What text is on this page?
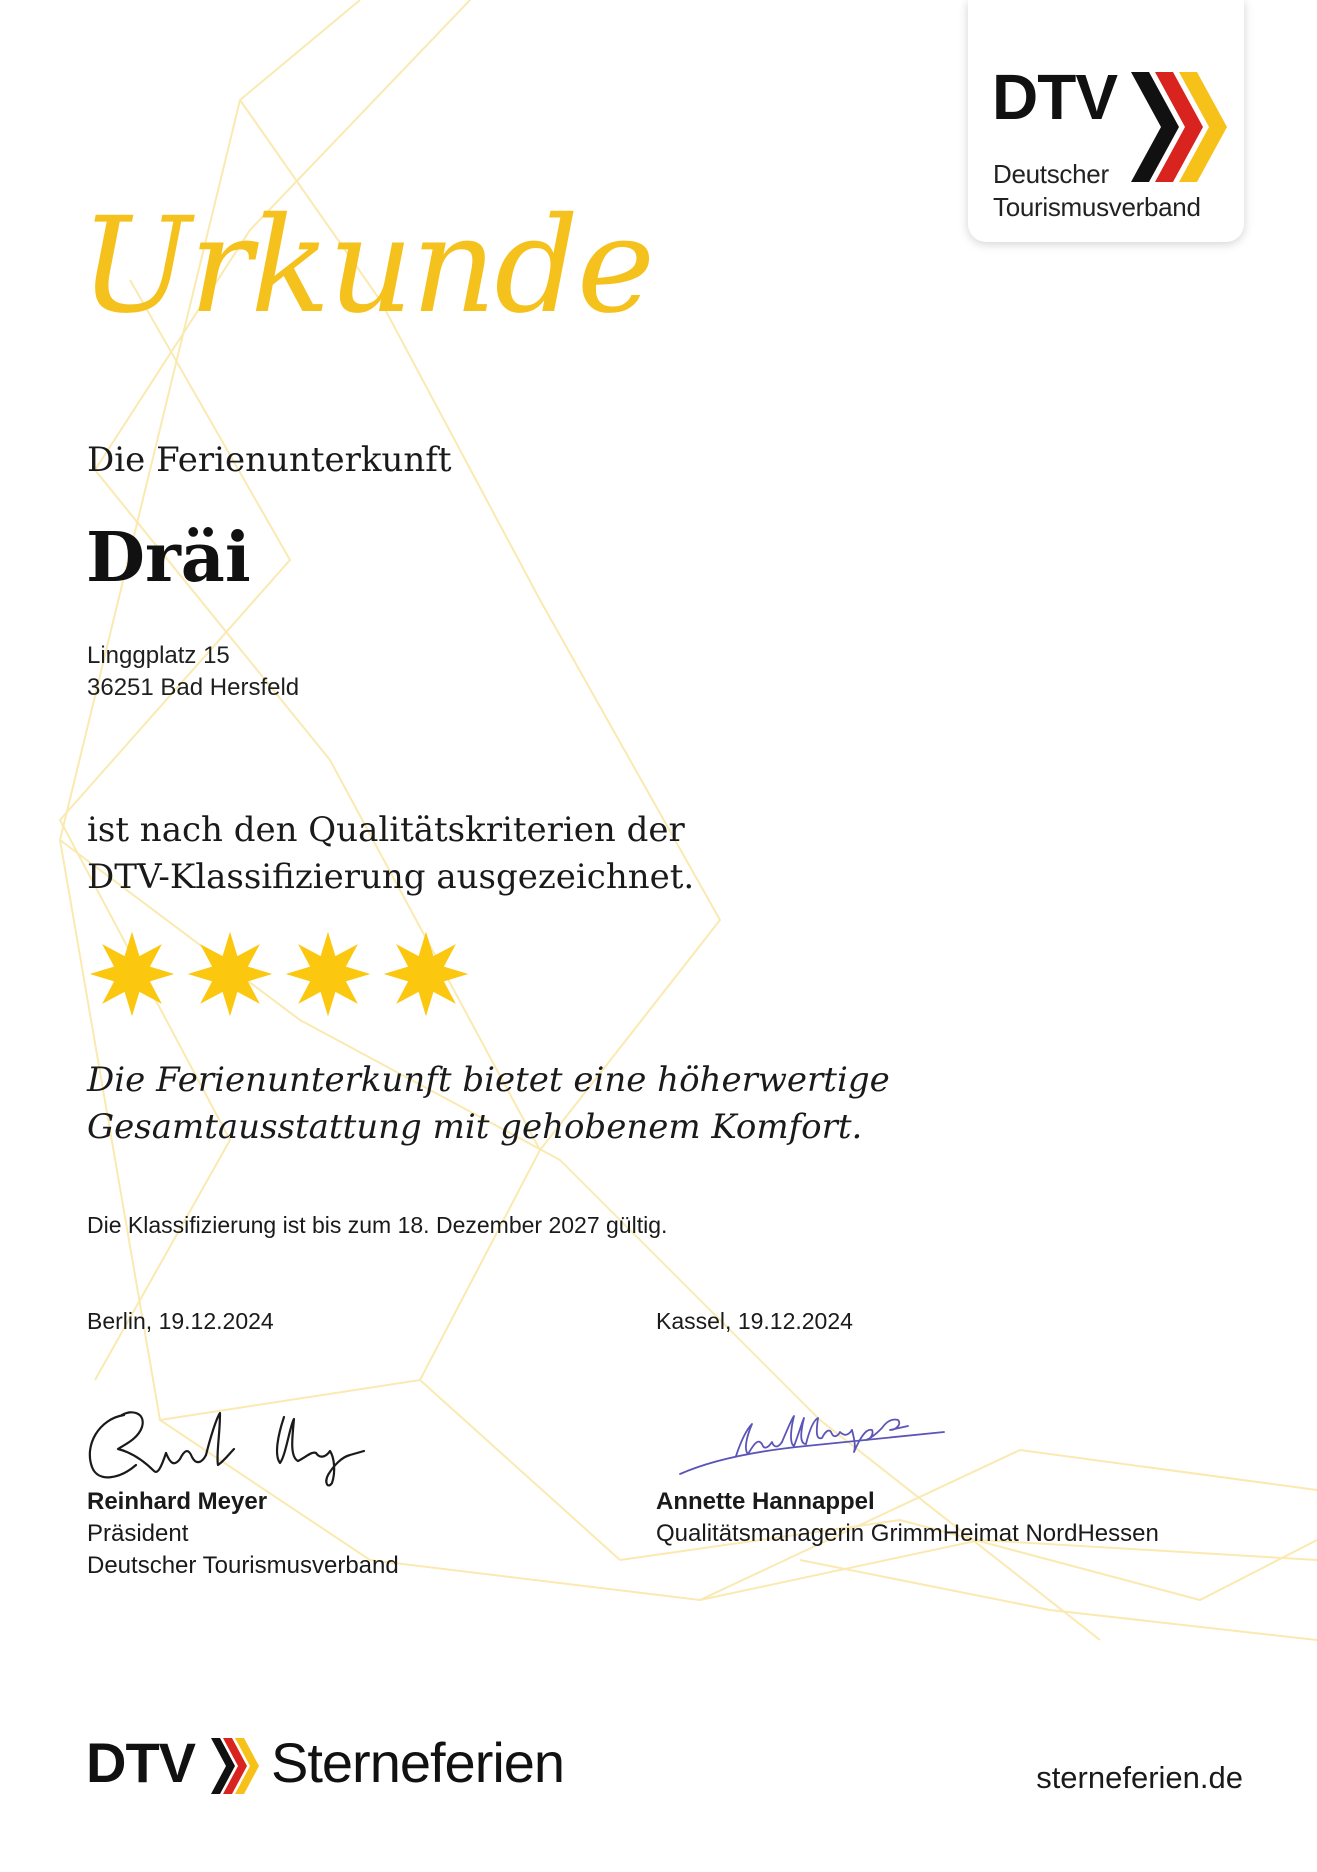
DTV
Deutscher
Tourismusverband
Urkunde
Die Ferienunterkunft
Dräi
Linggplatz 15
36251 Bad Hersfeld
ist nach den Qualitätskriterien der
DTV-Klassifizierung ausgezeichnet.
Die Ferienunterkunft bietet eine höherwertige
Gesamtausstattung mit gehobenem Komfort.
Die Klassifizierung ist bis zum 18. Dezember 2027 gültig.
Berlin, 19.12.2024	Kassel, 19.12.2024
Reinhard Meyer
Präsident
Deutscher Tourismusverband
Annette Hannappel
Qualitätsmanagerin GrimmHeimat NordHessen
DTV Sterneferien	sterneferien.de
